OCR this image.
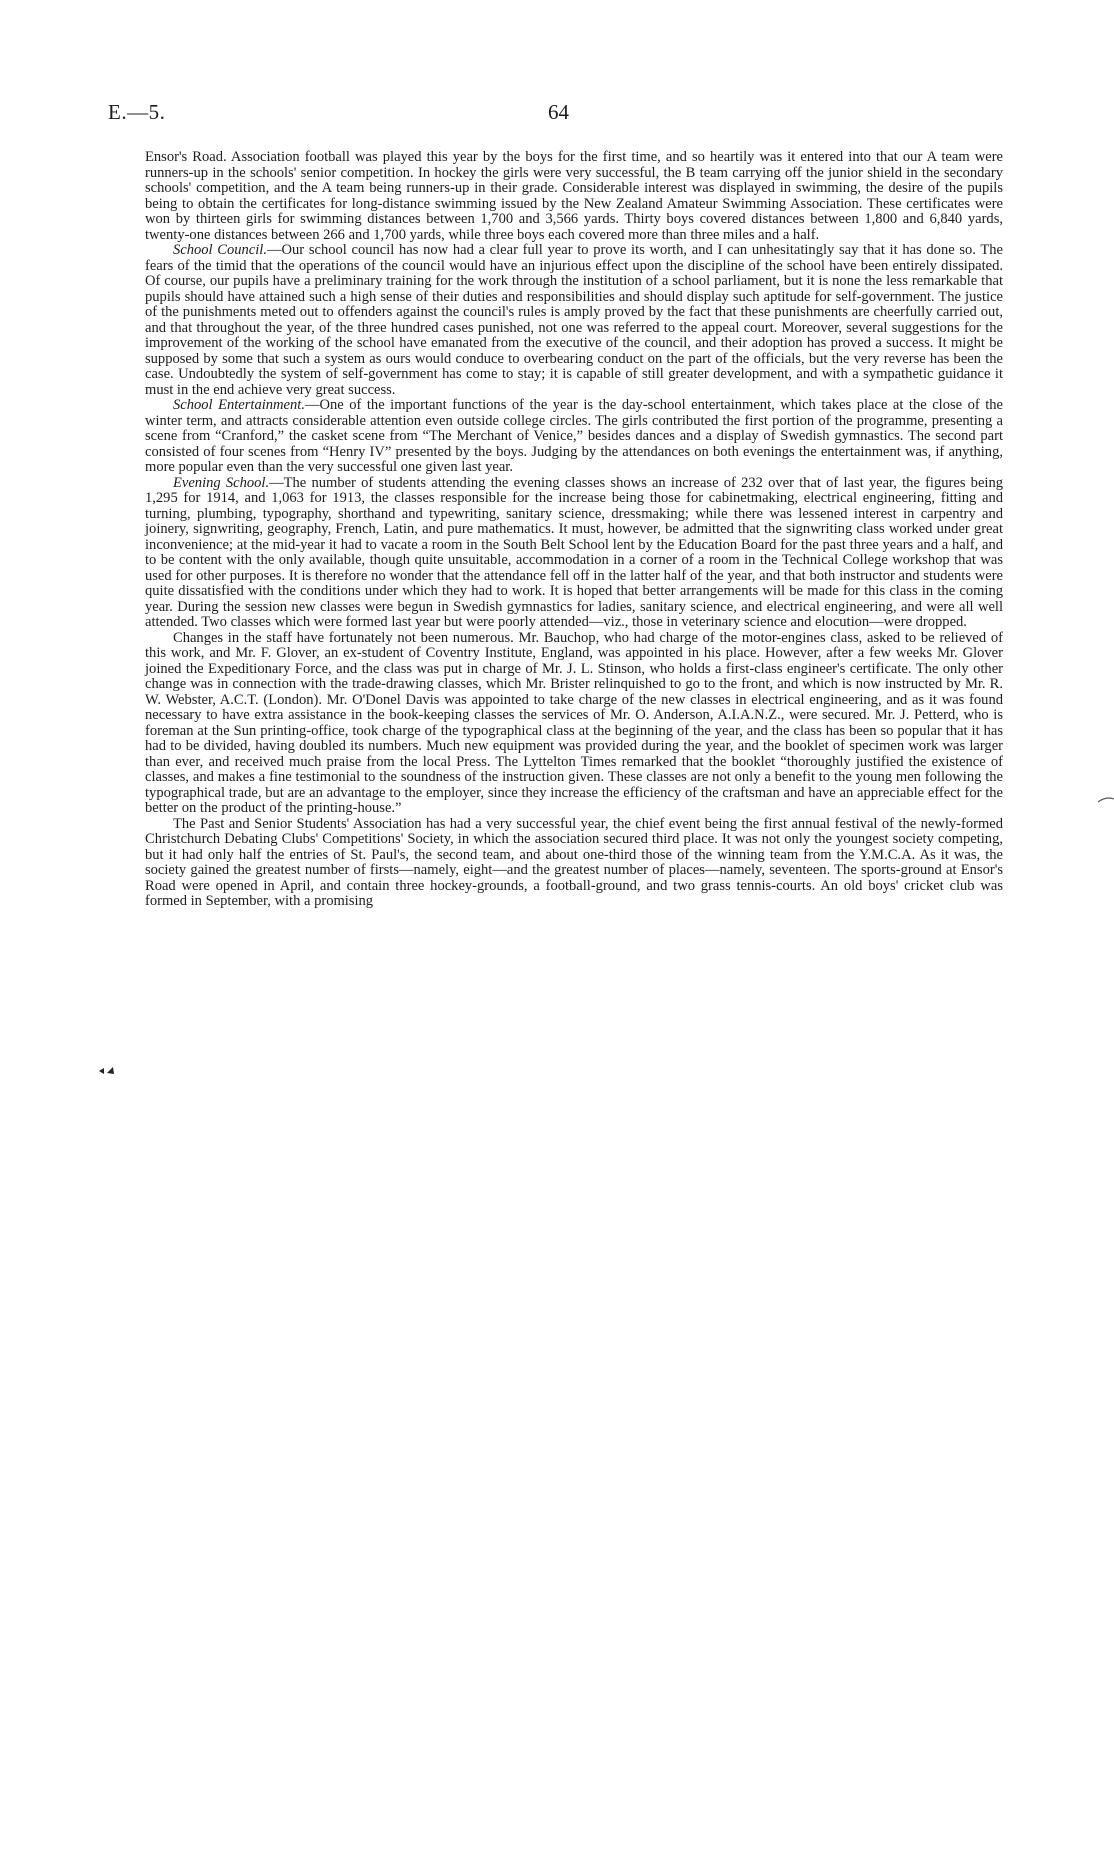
E.—5.	64

Ensor's Road. Association football was played this year by the boys for the first time, and so heartily was it entered into that our A team were runners-up in the schools' senior competition. In hockey the girls were very successful, the B team carrying off the junior shield in the secondary schools' competition, and the A team being runners-up in their grade. Considerable interest was displayed in swimming, the desire of the pupils being to obtain the certificates for long-distance swimming issued by the New Zealand Amateur Swimming Association. These certificates were won by thirteen girls for swimming distances between 1,700 and 3,566 yards. Thirty boys covered distances between 1,800 and 6,840 yards, twenty-one distances between 266 and 1,700 yards, while three boys each covered more than three miles and a half.

School Council.—Our school council has now had a clear full year to prove its worth, and I can unhesitatingly say that it has done so. The fears of the timid that the operations of the council would have an injurious effect upon the discipline of the school have been entirely dissipated. Of course, our pupils have a preliminary training for the work through the institution of a school parliament, but it is none the less remarkable that pupils should have attained such a high sense of their duties and responsibilities and should display such aptitude for self-government. The justice of the punishments meted out to offenders against the council's rules is amply proved by the fact that these punishments are cheerfully carried out, and that throughout the year, of the three hundred cases punished, not one was referred to the appeal court. Moreover, several suggestions for the improvement of the working of the school have emanated from the executive of the council, and their adoption has proved a success. It might be supposed by some that such a system as ours would conduce to overbearing conduct on the part of the officials, but the very reverse has been the case. Undoubtedly the system of self-government has come to stay; it is capable of still greater development, and with a sympathetic guidance it must in the end achieve very great success.

School Entertainment.—One of the important functions of the year is the day-school entertainment, which takes place at the close of the winter term, and attracts considerable attention even outside college circles. The girls contributed the first portion of the programme, presenting a scene from “Cranford,” the casket scene from “The Merchant of Venice,” besides dances and a display of Swedish gymnastics. The second part consisted of four scenes from “Henry IV” presented by the boys. Judging by the attendances on both evenings the entertainment was, if anything, more popular even than the very successful one given last year.

Evening School.—The number of students attending the evening classes shows an increase of 232 over that of last year, the figures being 1,295 for 1914, and 1,063 for 1913, the classes responsible for the increase being those for cabinetmaking, electrical engineering, fitting and turning, plumbing, typography, shorthand and typewriting, sanitary science, dressmaking; while there was lessened interest in carpentry and joinery, signwriting, geography, French, Latin, and pure mathematics. It must, however, be admitted that the signwriting class worked under great inconvenience; at the mid-year it had to vacate a room in the South Belt School lent by the Education Board for the past three years and a half, and to be content with the only available, though quite unsuitable, accommodation in a corner of a room in the Technical College workshop that was used for other purposes. It is therefore no wonder that the attendance fell off in the latter half of the year, and that both instructor and students were quite dissatisfied with the conditions under which they had to work. It is hoped that better arrangements will be made for this class in the coming year. During the session new classes were begun in Swedish gymnastics for ladies, sanitary science, and electrical engineering, and were all well attended. Two classes which were formed last year but were poorly attended—viz., those in veterinary science and elocution—were dropped.

Changes in the staff have fortunately not been numerous. Mr. Bauchop, who had charge of the motor-engines class, asked to be relieved of this work, and Mr. F. Glover, an ex-student of Coventry Institute, England, was appointed in his place. However, after a few weeks Mr. Glover joined the Expeditionary Force, and the class was put in charge of Mr. J. L. Stinson, who holds a first-class engineer's certificate. The only other change was in connection with the trade-drawing classes, which Mr. Brister relinquished to go to the front, and which is now instructed by Mr. R. W. Webster, A.C.T. (London). Mr. O'Donel Davis was appointed to take charge of the new classes in electrical engineering, and as it was found necessary to have extra assistance in the book-keeping classes the services of Mr. O. Anderson, A.I.A.N.Z., were secured. Mr. J. Petterd, who is foreman at the Sun printing-office, took charge of the typographical class at the beginning of the year, and the class has been so popular that it has had to be divided, having doubled its numbers. Much new equipment was provided during the year, and the booklet of specimen work was larger than ever, and received much praise from the local Press. The Lyttelton Times remarked that the booklet “thoroughly justified the existence of classes, and makes a fine testimonial to the soundness of the instruction given. These classes are not only a benefit to the young men following the typographical trade, but are an advantage to the employer, since they increase the efficiency of the craftsman and have an appreciable effect for the better on the product of the printing-house.”

The Past and Senior Students' Association has had a very successful year, the chief event being the first annual festival of the newly-formed Christchurch Debating Clubs' Competitions' Society, in which the association secured third place. It was not only the youngest society competing, but it had only half the entries of St. Paul's, the second team, and about one-third those of the winning team from the Y.M.C.A. As it was, the society gained the greatest number of firsts—namely, eight—and the greatest number of places—namely, seventeen. The sports-ground at Ensor's Road were opened in April, and contain three hockey-grounds, a football-ground, and two grass tennis-courts. An old boys' cricket club was formed in September, with a promising
